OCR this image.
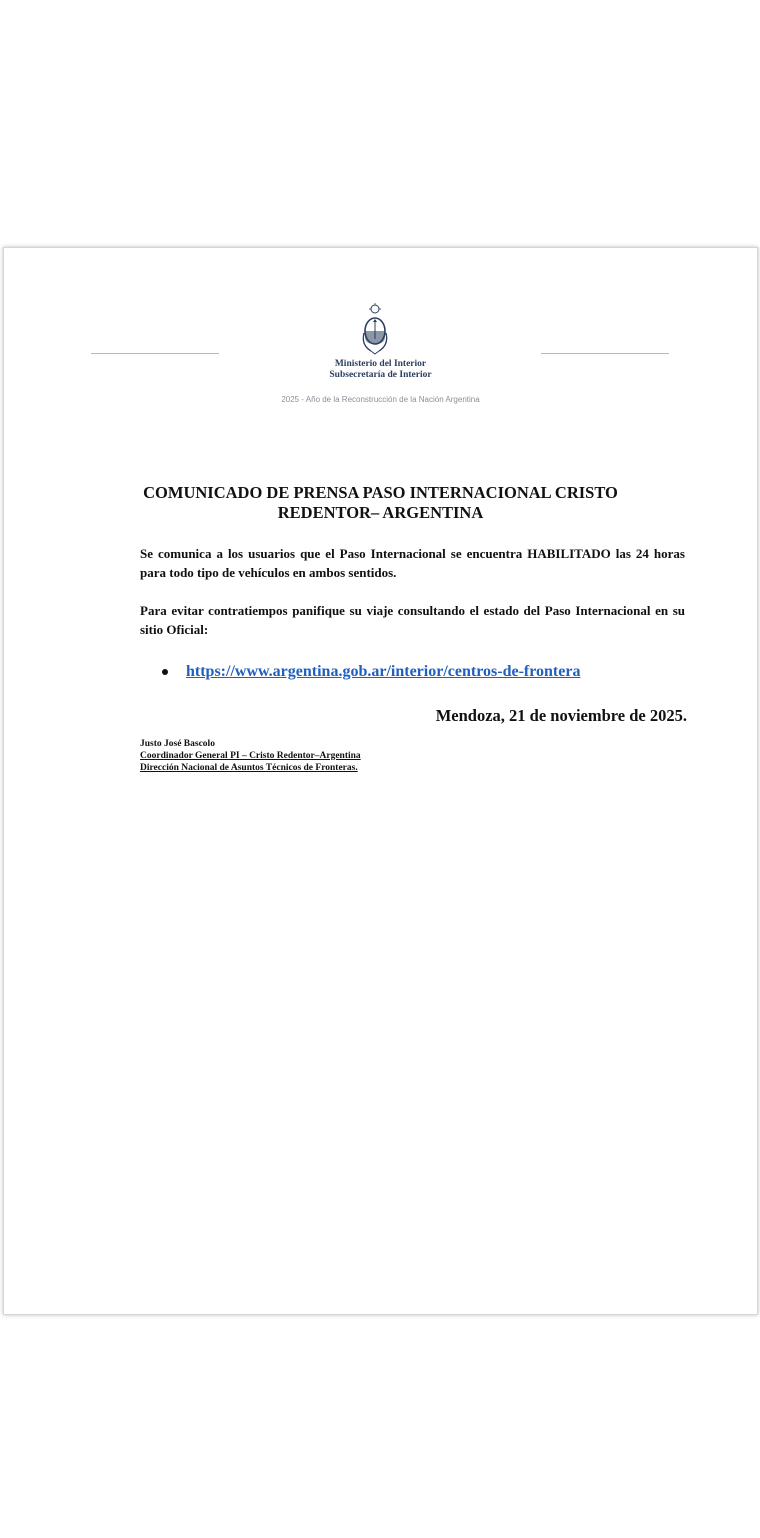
Ministerio del Interior
Subsecretaría de Interior
2025 - Año de la Reconstrucción de la Nación Argentina
COMUNICADO DE PRENSA PASO INTERNACIONAL CRISTO
REDENTOR– ARGENTINA
Se comunica a los usuarios que el Paso Internacional se encuentra HABILITADO las 24 horas para todo tipo de vehículos en ambos sentidos.
Para evitar contratiempos panifique su viaje consultando el estado del Paso Internacional en su sitio Oficial:
https://www.argentina.gob.ar/interior/centros-de-frontera
Mendoza, 21 de noviembre de 2025.
Justo José Bascolo
Coordinador General PI – Cristo Redentor–Argentina
Dirección Nacional de Asuntos Técnicos de Fronteras.
